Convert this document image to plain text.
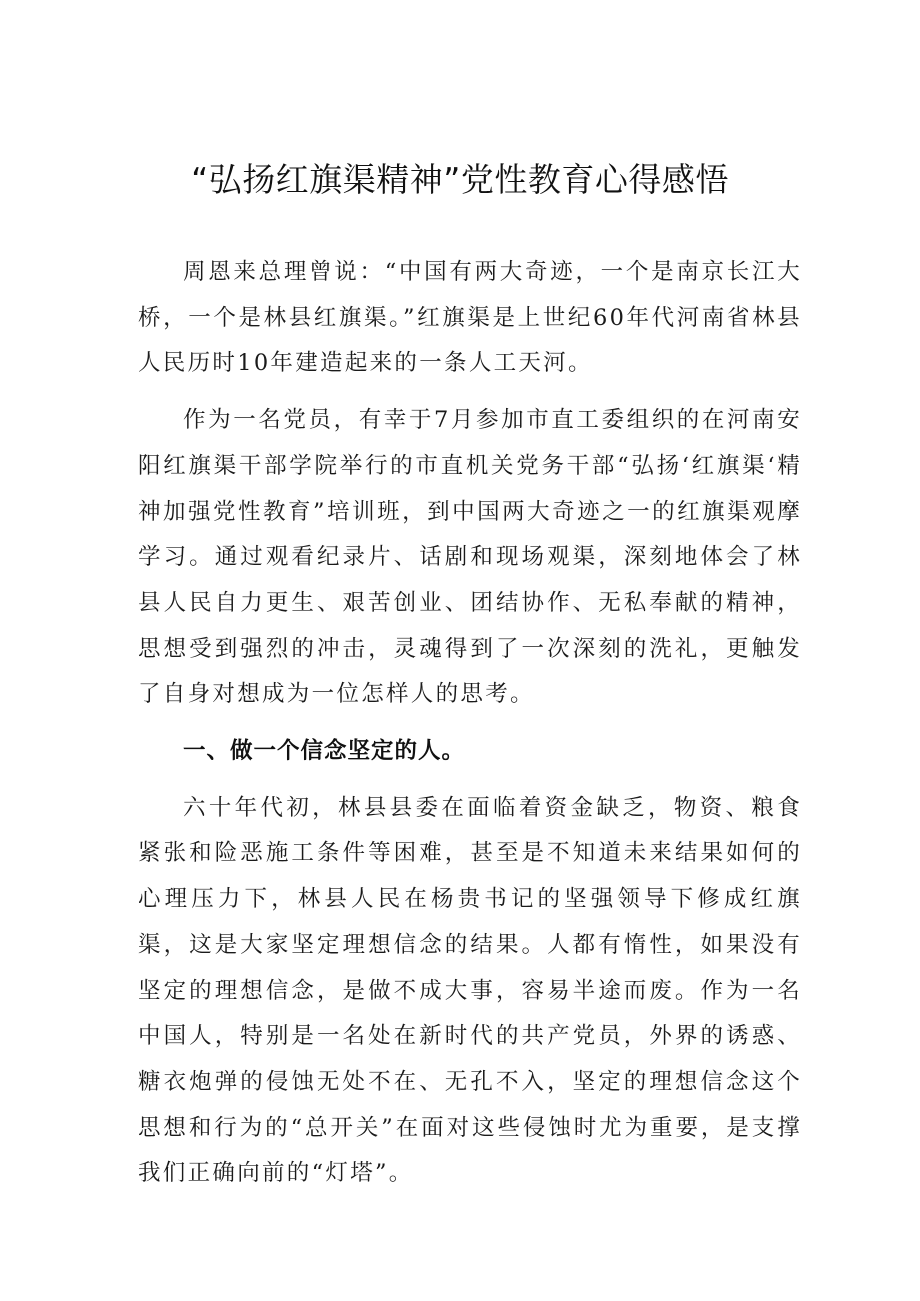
“弘扬红旗渠精神”党性教育心得感悟

周恩来总理曾说：“中国有两大奇迹，一个是南京长江大桥，一个是林县红旗渠。”红旗渠是上世纪60年代河南省林县人民历时10年建造起来的一条人工天河。

作为一名党员，有幸于7月参加市直工委组织的在河南安阳红旗渠干部学院举行的市直机关党务干部“弘扬‘红旗渠‘精神加强党性教育”培训班，到中国两大奇迹之一的红旗渠观摩学习。通过观看纪录片、话剧和现场观渠，深刻地体会了林县人民自力更生、艰苦创业、团结协作、无私奉献的精神，思想受到强烈的冲击，灵魂得到了一次深刻的洗礼，更触发了自身对想成为一位怎样人的思考。

一、做一个信念坚定的人。

六十年代初，林县县委在面临着资金缺乏，物资、粮食紧张和险恶施工条件等困难，甚至是不知道未来结果如何的心理压力下，林县人民在杨贵书记的坚强领导下修成红旗渠，这是大家坚定理想信念的结果。人都有惰性，如果没有坚定的理想信念，是做不成大事，容易半途而废。作为一名中国人，特别是一名处在新时代的共产党员，外界的诱惑、糖衣炮弹的侵蚀无处不在、无孔不入，坚定的理想信念这个思想和行为的“总开关”在面对这些侵蚀时尤为重要，是支撑我们正确向前的“灯塔”。
